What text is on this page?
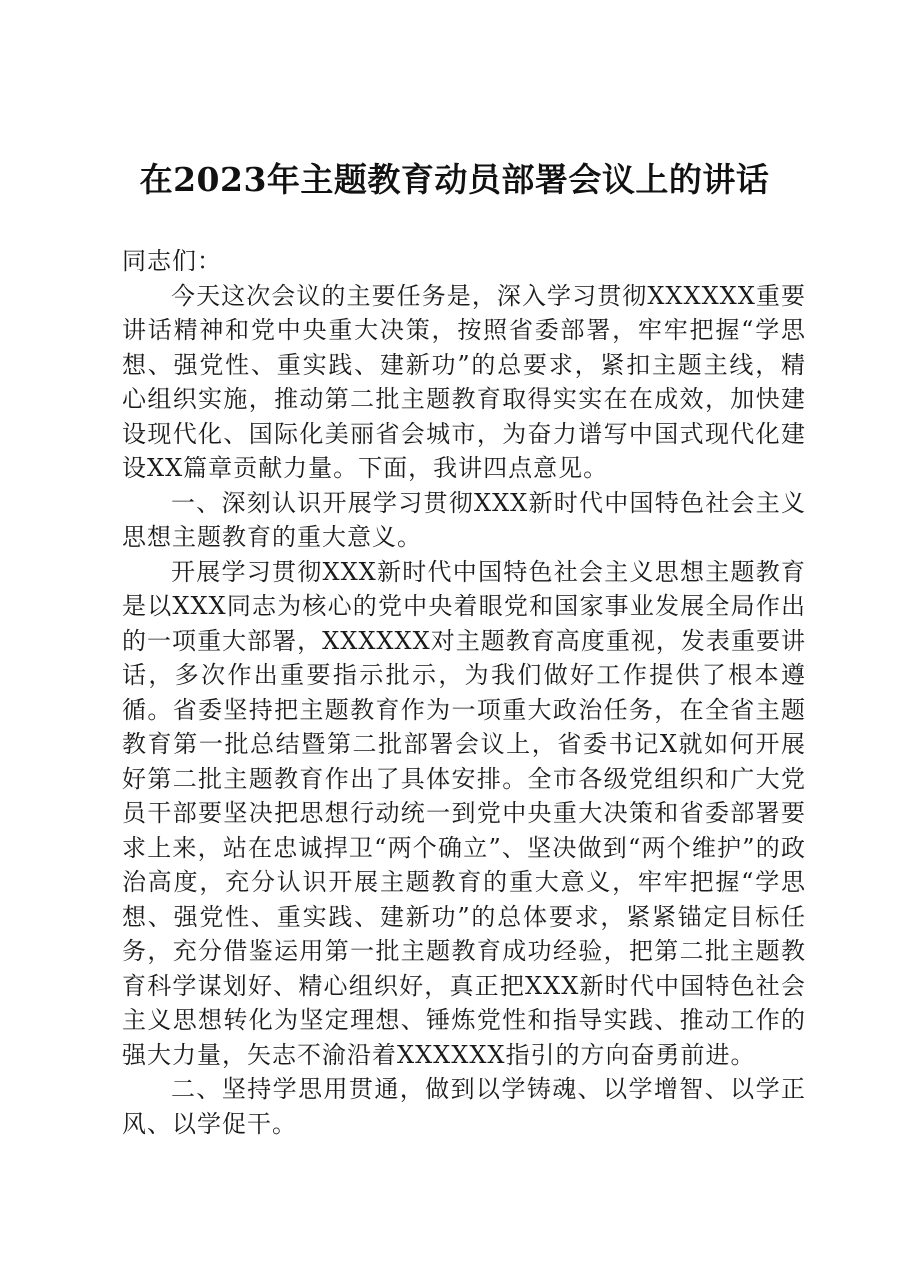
在2023年主题教育动员部署会议上的讲话

同志们：

今天这次会议的主要任务是，深入学习贯彻XXXXXX重要讲话精神和党中央重大决策，按照省委部署，牢牢把握“学思想、强党性、重实践、建新功”的总要求，紧扣主题主线，精心组织实施，推动第二批主题教育取得实实在在成效，加快建设现代化、国际化美丽省会城市，为奋力谱写中国式现代化建设XX篇章贡献力量。下面，我讲四点意见。

一、深刻认识开展学习贯彻XXX新时代中国特色社会主义思想主题教育的重大意义。

开展学习贯彻XXX新时代中国特色社会主义思想主题教育是以XXX同志为核心的党中央着眼党和国家事业发展全局作出的一项重大部署，XXXXXX对主题教育高度重视，发表重要讲话，多次作出重要指示批示，为我们做好工作提供了根本遵循。省委坚持把主题教育作为一项重大政治任务，在全省主题教育第一批总结暨第二批部署会议上，省委书记X就如何开展好第二批主题教育作出了具体安排。全市各级党组织和广大党员干部要坚决把思想行动统一到党中央重大决策和省委部署要求上来，站在忠诚捍卫“两个确立”、坚决做到“两个维护”的政治高度，充分认识开展主题教育的重大意义，牢牢把握“学思想、强党性、重实践、建新功”的总体要求，紧紧锚定目标任务，充分借鉴运用第一批主题教育成功经验，把第二批主题教育科学谋划好、精心组织好，真正把XXX新时代中国特色社会主义思想转化为坚定理想、锤炼党性和指导实践、推动工作的强大力量，矢志不渝沿着XXXXXX指引的方向奋勇前进。

二、坚持学思用贯通，做到以学铸魂、以学增智、以学正风、以学促干。
